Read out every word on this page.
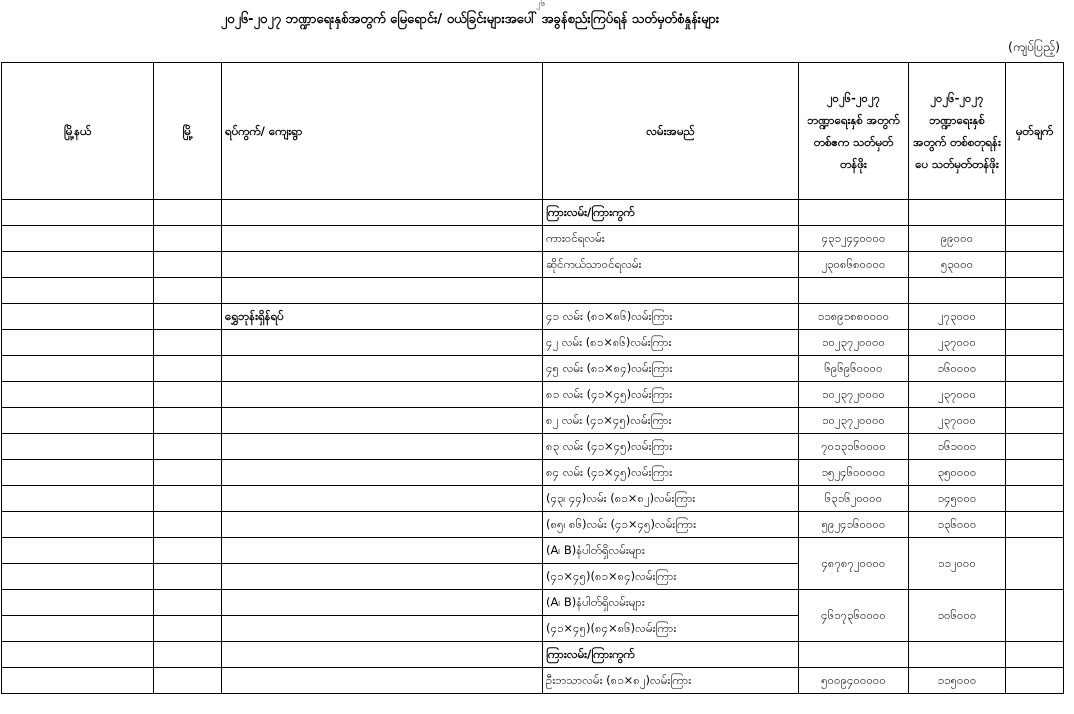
၂၆
၂၀၂၆-၂၀၂၇ ဘဏ္ဍာရေးနှစ်အတွက် မြေရောင်း/ ဝယ်ခြင်းများအပေါ် အခွန်စည်းကြပ်ရန် သတ်မှတ်စံနှုန်းများ
(ကျပ်ပြည့်)
မြို့နယ်	မြို့	ရပ်ကွက်/ ကျေးရွာ	လမ်းအမည်	၂၀၂၆-၂၀၂၇ ဘဏ္ဍာရေးနှစ် အတွက် တစ်ဧက သတ်မှတ်တန်ဖိုး	၂၀၂၆-၂၀၂၇ ဘဏ္ဍာရေးနှစ် အတွက် တစ်စတုရန်းပေ သတ်မှတ်တန်ဖိုး	မှတ်ချက်
			ကြားလမ်း/ကြားကွက်			
			ကားဝင်ရလမ်း	၄၃၁၂၄၄၀၀၀၀	၉၉၀၀၀	
			ဆိုင်ကယ်သာဝင်ရလမ်း	၂၃၀၈၆၈၀၀၀၀	၅၃၀၀၀	

		ရွှေဘုန်းရှိန်ရပ်	၄၁ လမ်း (၈၁×၈၆)လမ်းကြား	၁၁၈၉၁၈၈၀၀၀၀	၂၇၃၀၀၀	
			၄၂ လမ်း (၈၁×၈၆)လမ်းကြား	၁၀၂၃၇၂၀၀၀၀	၂၃၇၀၀၀	
			၄၅ လမ်း (၈၁×၈၄)လမ်းကြား	၆၉၆၉၆၀၀၀၀	၁၆၀၀၀၀	
			၈၁ လမ်း (၄၁×၄၅)လမ်းကြား	၁၀၂၃၇၂၀၀၀၀	၂၃၇၀၀၀	
			၈၂ လမ်း (၄၁×၄၅)လမ်းကြား	၁၀၂၃၇၂၀၀၀၀	၂၃၇၀၀၀	
			၈၃ လမ်း (၄၁×၄၅)လမ်းကြား	၇၀၁၃၁၆၀၀၀၀	၁၆၁၀၀၀	
			၈၄ လမ်း (၄၁×၄၅)လမ်းကြား	၁၅၂၄၆၀၀၀၀၀	၃၅၀၀၀၀	
			(၄၃၊ ၄၄)လမ်း (၈၁×၈၂)လမ်းကြား	၆၃၁၆၂၀၀၀၀	၁၄၅၀၀၀	
			(၈၅၊ ၈၆)လမ်း (၄၁×၄၅)လမ်းကြား	၅၉၂၄၁၆၀၀၀၀	၁၃၆၀၀၀	
			(A၊ B)နံပါတ်ရှိလမ်းများ	၄၈၇၈၇၂၀၀၀၀	၁၁၂၀၀၀	
			(၄၁×၄၅)(၈၁×၈၄)လမ်းကြား			
			(A၊ B)နံပါတ်ရှိလမ်းများ	၄၆၁၇၃၆၀၀၀၀	၁၀၆၀၀၀	
			(၄၁×၄၅)(၈၄×၈၆)လမ်းကြား			
			ကြားလမ်း/ကြားကွက်			
			ဦးဘသာလမ်း (၈၁×၈၂)လမ်းကြား	၅၀၀၉၄၀၀၀၀၀	၁၁၅၀၀၀	
